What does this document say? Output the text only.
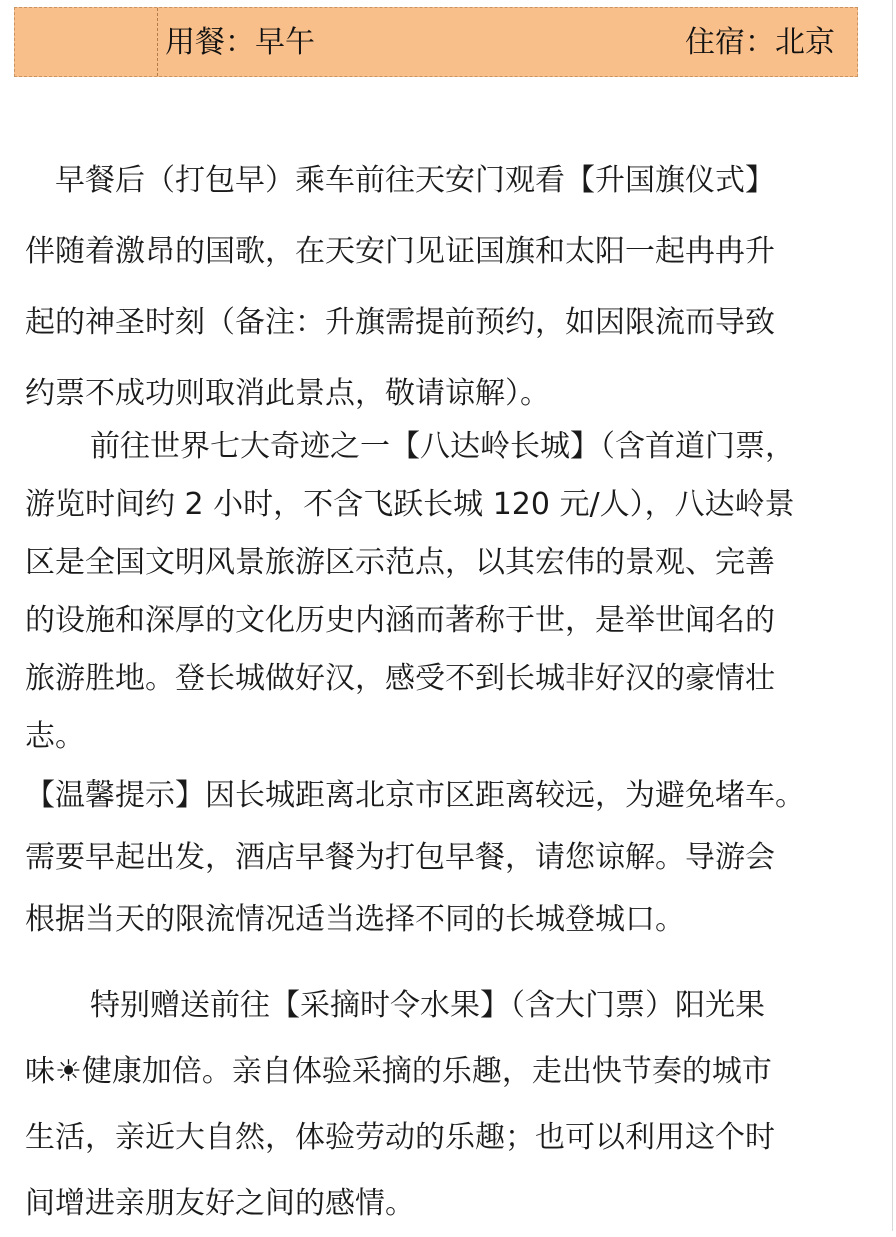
用餐：早午	住宿：北京

早餐后（打包早）乘车前往天安门观看【升国旗仪式】
伴随着激昂的国歌，在天安门见证国旗和太阳一起冉冉升
起的神圣时刻（备注：升旗需提前预约，如因限流而导致
约票不成功则取消此景点，敬请谅解）。

前往世界七大奇迹之一【八达岭长城】（含首道门票，
游览时间约 2 小时，不含飞跃长城 120 元/人），八达岭景
区是全国文明风景旅游区示范点，以其宏伟的景观、完善
的设施和深厚的文化历史内涵而著称于世，是举世闻名的
旅游胜地。登长城做好汉，感受不到长城非好汉的豪情壮
志。

【温馨提示】因长城距离北京市区距离较远，为避免堵车。
需要早起出发，酒店早餐为打包早餐，请您谅解。导游会
根据当天的限流情况适当选择不同的长城登城口。

特别赠送前往【采摘时令水果】（含大门票）阳光果
味☀健康加倍。亲自体验采摘的乐趣，走出快节奏的城市
生活，亲近大自然，体验劳动的乐趣；也可以利用这个时
间增进亲朋友好之间的感情。
